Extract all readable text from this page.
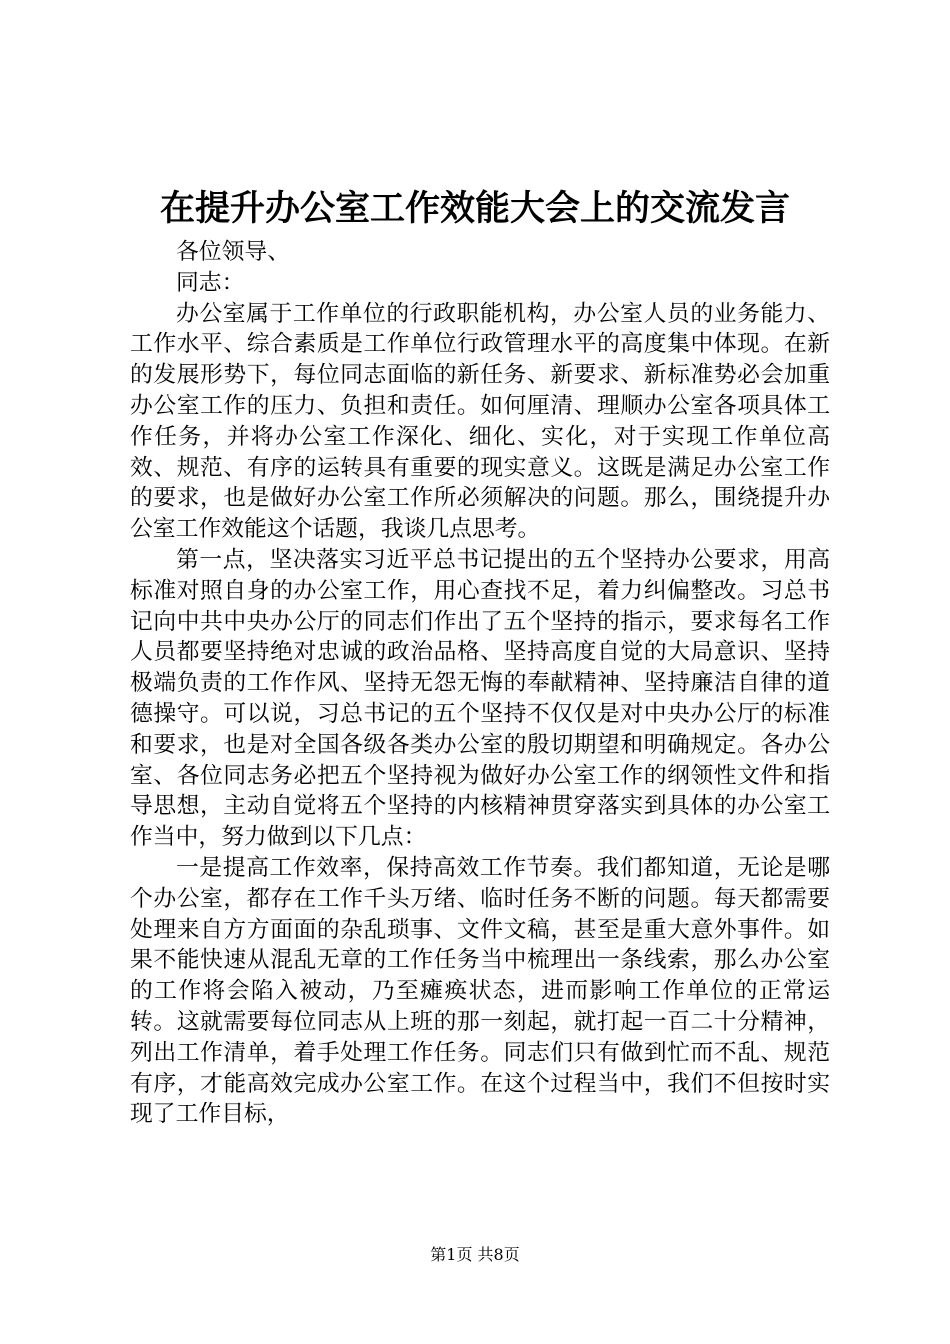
在提升办公室工作效能大会上的交流发言

各位领导、

同志：

办公室属于工作单位的行政职能机构，办公室人员的业务能力、工作水平、综合素质是工作单位行政管理水平的高度集中体现。在新的发展形势下，每位同志面临的新任务、新要求、新标准势必会加重办公室工作的压力、负担和责任。如何厘清、理顺办公室各项具体工作任务，并将办公室工作深化、细化、实化，对于实现工作单位高效、规范、有序的运转具有重要的现实意义。这既是满足办公室工作的要求，也是做好办公室工作所必须解决的问题。那么，围绕提升办公室工作效能这个话题，我谈几点思考。

第一点，坚决落实习近平总书记提出的五个坚持办公要求，用高标准对照自身的办公室工作，用心查找不足，着力纠偏整改。习总书记向中共中央办公厅的同志们作出了五个坚持的指示，要求每名工作人员都要坚持绝对忠诚的政治品格、坚持高度自觉的大局意识、坚持极端负责的工作作风、坚持无怨无悔的奉献精神、坚持廉洁自律的道德操守。可以说，习总书记的五个坚持不仅仅是对中央办公厅的标准和要求，也是对全国各级各类办公室的殷切期望和明确规定。各办公室、各位同志务必把五个坚持视为做好办公室工作的纲领性文件和指导思想，主动自觉将五个坚持的内核精神贯穿落实到具体的办公室工作当中，努力做到以下几点：

一是提高工作效率，保持高效工作节奏。我们都知道，无论是哪个办公室，都存在工作千头万绪、临时任务不断的问题。每天都需要处理来自方方面面的杂乱琐事、文件文稿，甚至是重大意外事件。如果不能快速从混乱无章的工作任务当中梳理出一条线索，那么办公室的工作将会陷入被动，乃至瘫痪状态，进而影响工作单位的正常运转。这就需要每位同志从上班的那一刻起，就打起一百二十分精神，列出工作清单，着手处理工作任务。同志们只有做到忙而不乱、规范有序，才能高效完成办公室工作。在这个过程当中，我们不但按时实现了工作目标，

第1页 共8页
